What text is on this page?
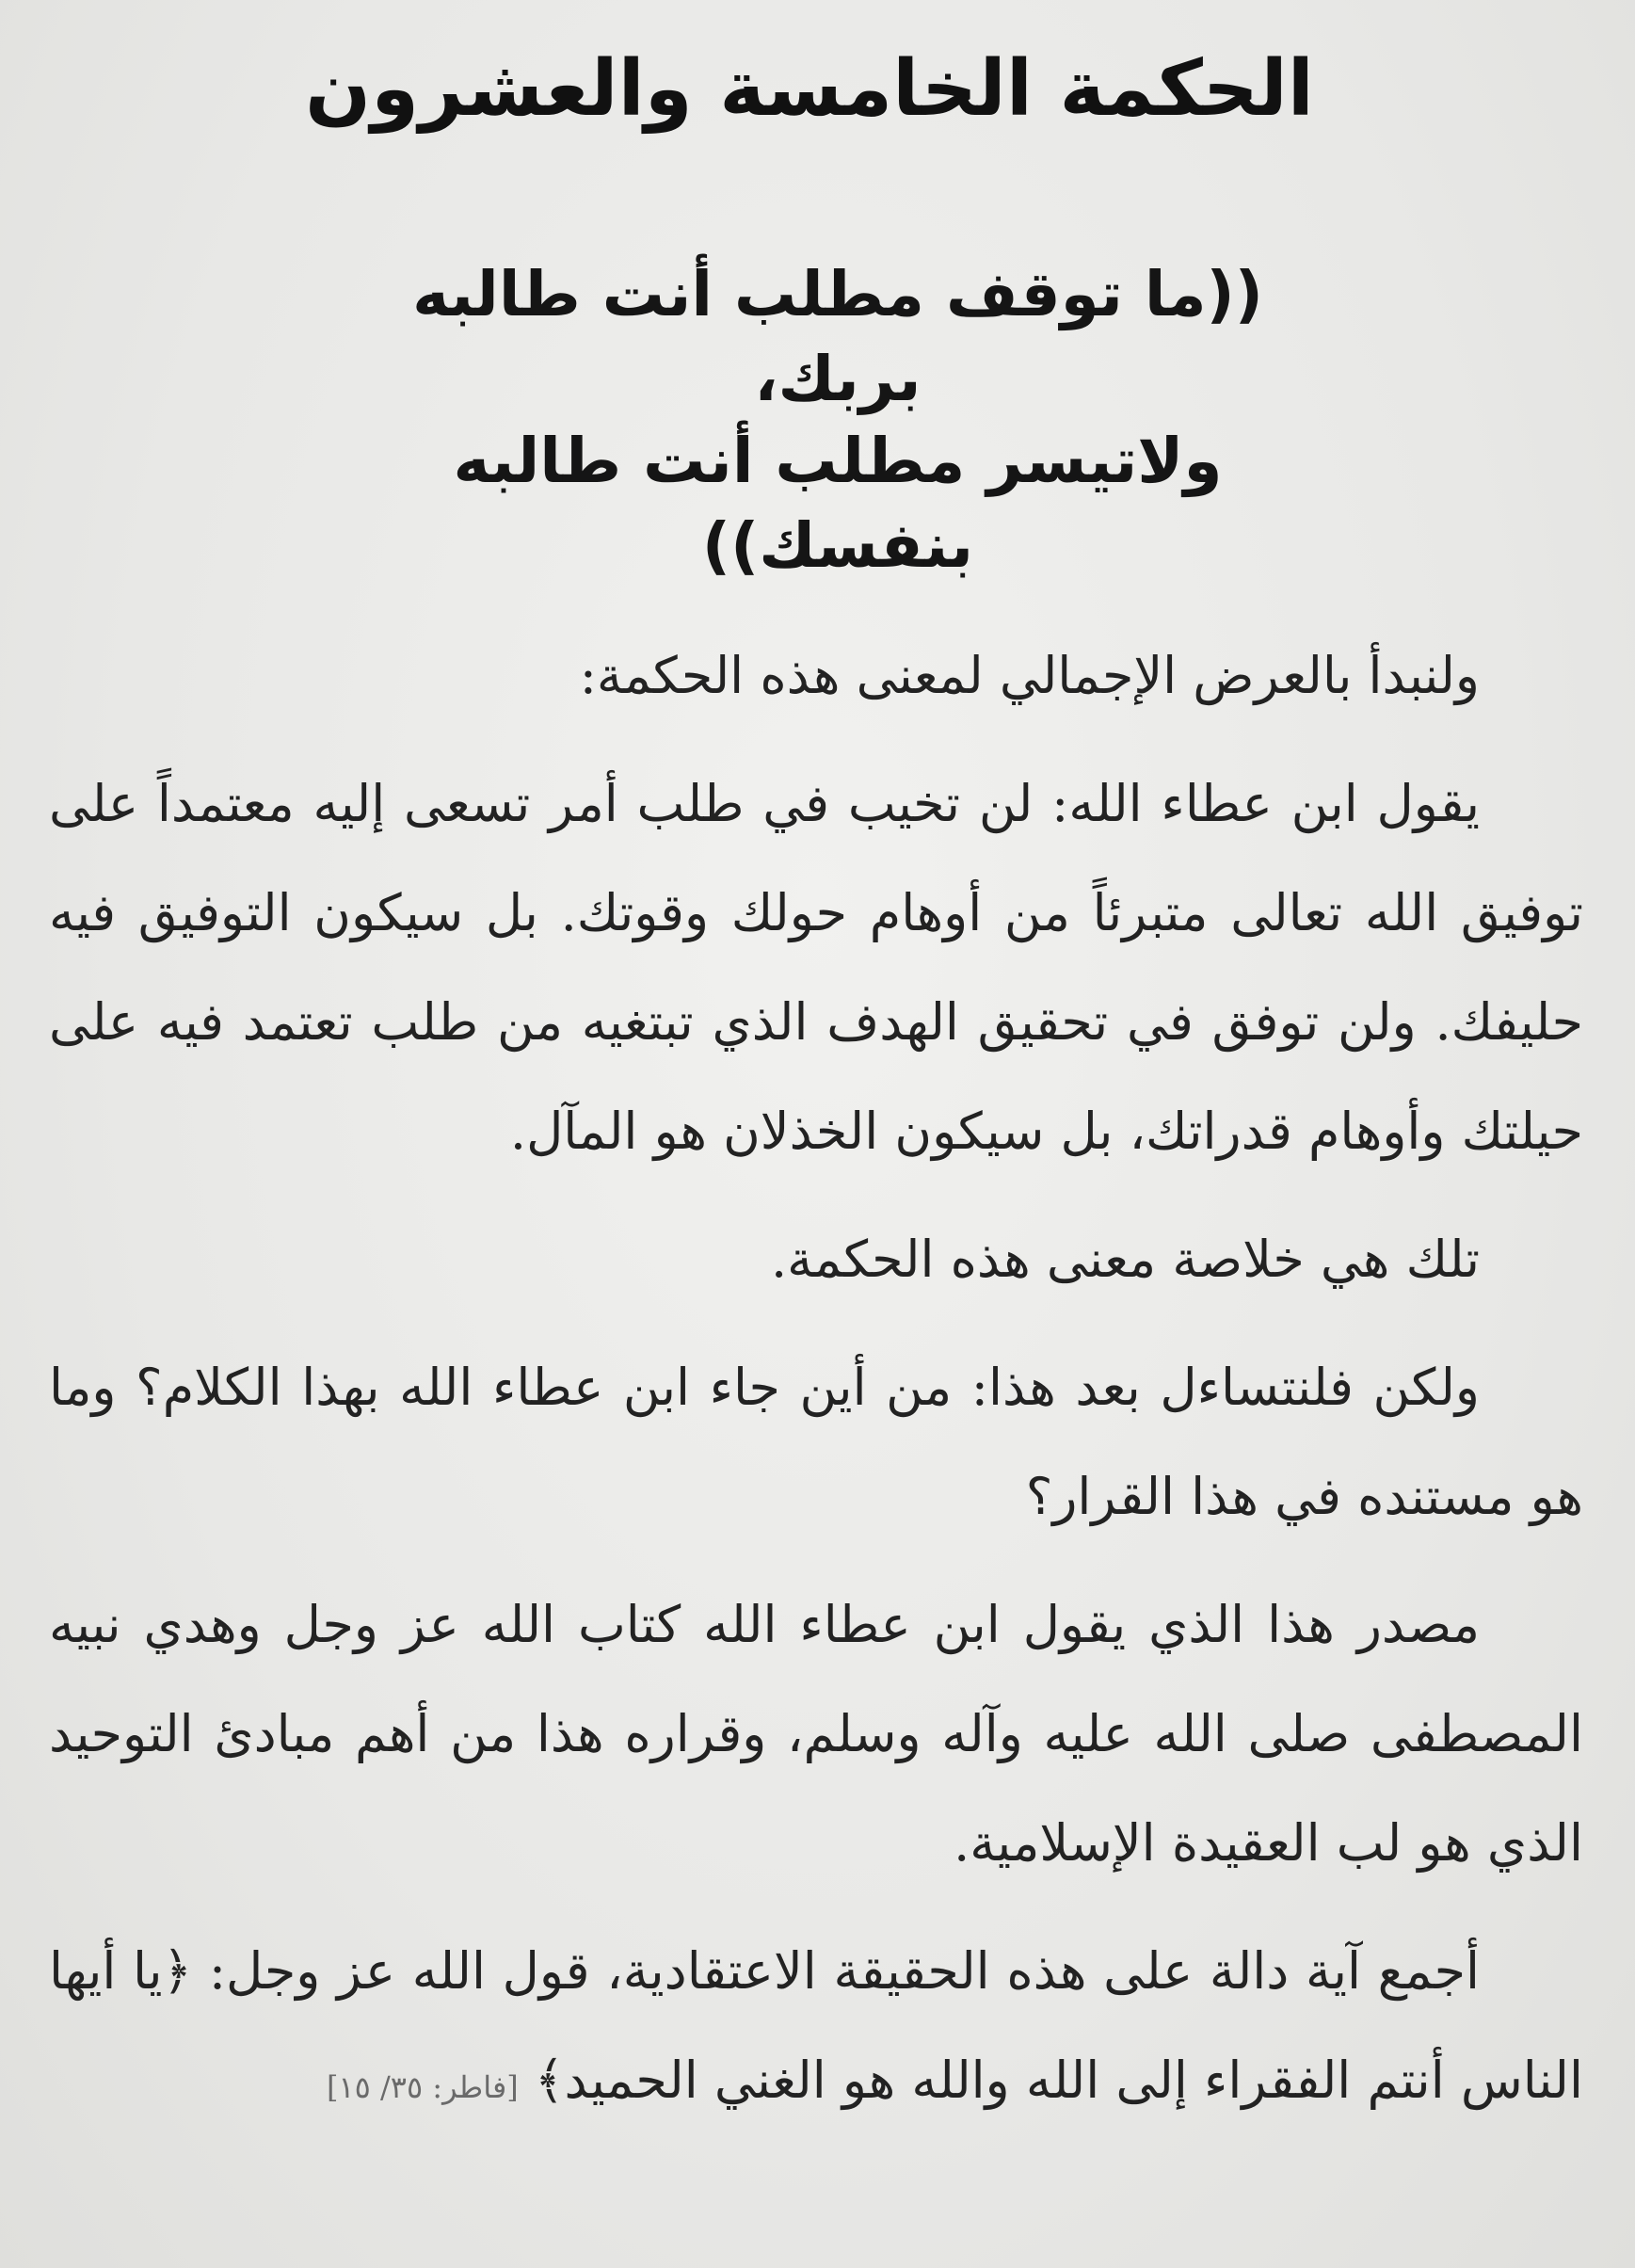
الحكمة الخامسة والعشرون
((ما توقف مطلب أنت طالبه بربك،
ولاتيسر مطلب أنت طالبه بنفسك))

ولنبدأ بالعرض الإجمالي لمعنى هذه الحكمة:

يقول ابن عطاء الله: لن تخيب في طلب أمر تسعى إليه معتمداً على توفيق الله تعالى متبرئاً من أوهام حولك وقوتك. بل سيكون التوفيق فيه حليفك. ولن توفق في تحقيق الهدف الذي تبتغيه من طلب تعتمد فيه على حيلتك وأوهام قدراتك، بل سيكون الخذلان هو المآل.

تلك هي خلاصة معنى هذه الحكمة.

ولكن فلنتساءل بعد هذا: من أين جاء ابن عطاء الله بهذا الكلام؟ وما هو مستنده في هذا القرار؟

مصدر هذا الذي يقول ابن عطاء الله كتاب الله عز وجل وهدي نبيه المصطفى صلى الله عليه وآله وسلم، وقراره هذا من أهم مبادئ التوحيد الذي هو لب العقيدة الإسلامية.

أجمع آية دالة على هذه الحقيقة الاعتقادية، قول الله عز وجل: ﴿يا أيها الناس أنتم الفقراء إلى الله والله هو الغني الحميد﴾ [فاطر: ٣٥/ ١٥]
